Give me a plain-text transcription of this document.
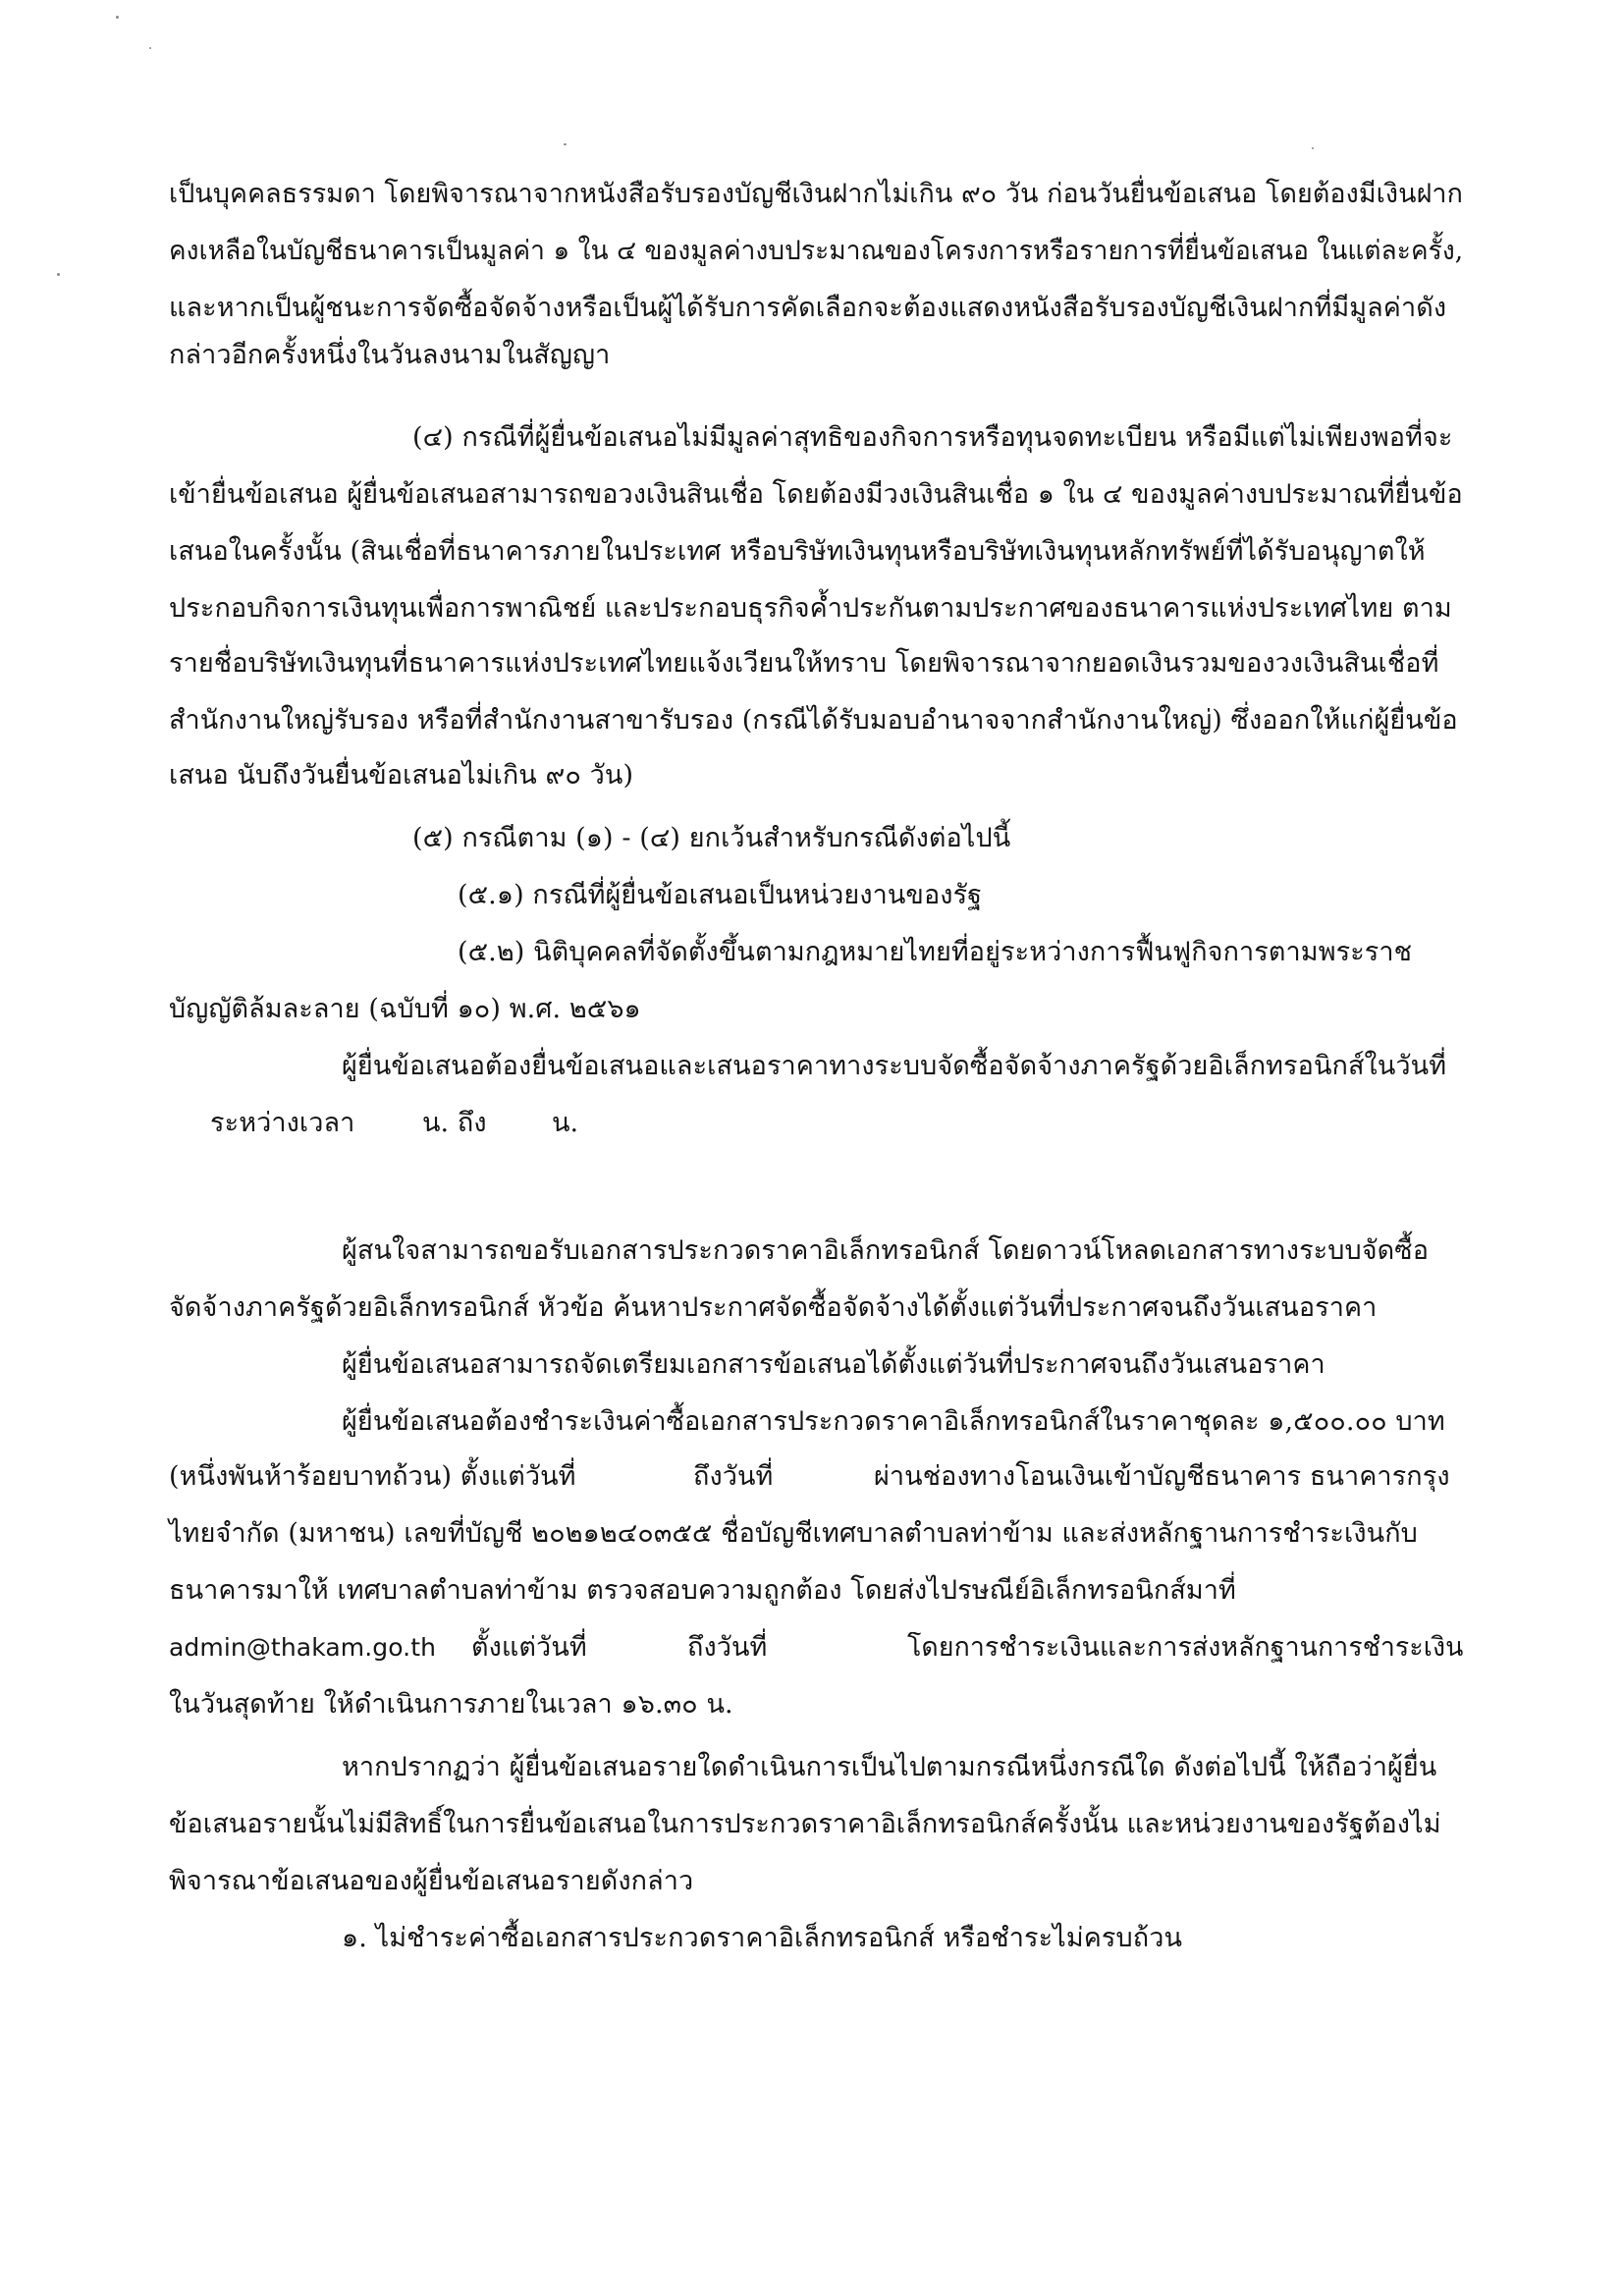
เป็นบุคคลธรรมดา โดยพิจารณาจากหนังสือรับรองบัญชีเงินฝากไม่เกิน ๙๐ วัน ก่อนวันยื่นข้อเสนอ โดยต้องมีเงินฝาก
คงเหลือในบัญชีธนาคารเป็นมูลค่า ๑ ใน ๔ ของมูลค่างบประมาณของโครงการหรือรายการที่ยื่นข้อเสนอ ในแต่ละครั้ง,
และหากเป็นผู้ชนะการจัดซื้อจัดจ้างหรือเป็นผู้ได้รับการคัดเลือกจะต้องแสดงหนังสือรับรองบัญชีเงินฝากที่มีมูลค่าดัง
กล่าวอีกครั้งหนึ่งในวันลงนามในสัญญา
(๔) กรณีที่ผู้ยื่นข้อเสนอไม่มีมูลค่าสุทธิของกิจการหรือทุนจดทะเบียน หรือมีแต่ไม่เพียงพอที่จะ
เข้ายื่นข้อเสนอ ผู้ยื่นข้อเสนอสามารถขอวงเงินสินเชื่อ โดยต้องมีวงเงินสินเชื่อ ๑ ใน ๔ ของมูลค่างบประมาณที่ยื่นข้อ
เสนอในครั้งนั้น (สินเชื่อที่ธนาคารภายในประเทศ หรือบริษัทเงินทุนหรือบริษัทเงินทุนหลักทรัพย์ที่ได้รับอนุญาตให้
ประกอบกิจการเงินทุนเพื่อการพาณิชย์ และประกอบธุรกิจค้ำประกันตามประกาศของธนาคารแห่งประเทศไทย ตาม
รายชื่อบริษัทเงินทุนที่ธนาคารแห่งประเทศไทยแจ้งเวียนให้ทราบ โดยพิจารณาจากยอดเงินรวมของวงเงินสินเชื่อที่
สำนักงานใหญ่รับรอง หรือที่สำนักงานสาขารับรอง (กรณีได้รับมอบอำนาจจากสำนักงานใหญ่) ซึ่งออกให้แก่ผู้ยื่นข้อ
เสนอ นับถึงวันยื่นข้อเสนอไม่เกิน ๙๐ วัน)
(๕) กรณีตาม (๑) - (๔) ยกเว้นสำหรับกรณีดังต่อไปนี้
(๕.๑) กรณีที่ผู้ยื่นข้อเสนอเป็นหน่วยงานของรัฐ
(๕.๒) นิติบุคคลที่จัดตั้งขึ้นตามกฎหมายไทยที่อยู่ระหว่างการฟื้นฟูกิจการตามพระราช
บัญญัติล้มละลาย (ฉบับที่ ๑๐) พ.ศ. ๒๕๖๑
ผู้ยื่นข้อเสนอต้องยื่นข้อเสนอและเสนอราคาทางระบบจัดซื้อจัดจ้างภาครัฐด้วยอิเล็กทรอนิกส์ในวันที่
ระหว่างเวลา	น. ถึง น.
ผู้สนใจสามารถขอรับเอกสารประกวดราคาอิเล็กทรอนิกส์ โดยดาวน์โหลดเอกสารทางระบบจัดซื้อ
จัดจ้างภาครัฐด้วยอิเล็กทรอนิกส์ หัวข้อ ค้นหาประกาศจัดซื้อจัดจ้างได้ตั้งแต่วันที่ประกาศจนถึงวันเสนอราคา
ผู้ยื่นข้อเสนอสามารถจัดเตรียมเอกสารข้อเสนอได้ตั้งแต่วันที่ประกาศจนถึงวันเสนอราคา
ผู้ยื่นข้อเสนอต้องชำระเงินค่าซื้อเอกสารประกวดราคาอิเล็กทรอนิกส์ในราคาชุดละ ๑,๕๐๐.๐๐ บาท
(หนึ่งพันห้าร้อยบาทถ้วน) ตั้งแต่วันที่	ถึงวันที่	ผ่านช่องทางโอนเงินเข้าบัญชีธนาคาร ธนาคารกรุง
ไทยจำกัด (มหาชน) เลขที่บัญชี ๒๐๒๑๒๔๐๓๕๕ ชื่อบัญชีเทศบาลตำบลท่าข้าม และส่งหลักฐานการชำระเงินกับ
ธนาคารมาให้ เทศบาลตำบลท่าข้าม ตรวจสอบความถูกต้อง โดยส่งไปรษณีย์อิเล็กทรอนิกส์มาที่
admin@thakam.go.th ตั้งแต่วันที่	ถึงวันที่	โดยการชำระเงินและการส่งหลักฐานการชำระเงิน
ในวันสุดท้าย ให้ดำเนินการภายในเวลา ๑๖.๓๐ น.
หากปรากฏว่า ผู้ยื่นข้อเสนอรายใดดำเนินการเป็นไปตามกรณีหนึ่งกรณีใด ดังต่อไปนี้ ให้ถือว่าผู้ยื่น
ข้อเสนอรายนั้นไม่มีสิทธิ์ในการยื่นข้อเสนอในการประกวดราคาอิเล็กทรอนิกส์ครั้งนั้น และหน่วยงานของรัฐต้องไม่
พิจารณาข้อเสนอของผู้ยื่นข้อเสนอรายดังกล่าว
๑. ไม่ชำระค่าซื้อเอกสารประกวดราคาอิเล็กทรอนิกส์ หรือชำระไม่ครบถ้วน
